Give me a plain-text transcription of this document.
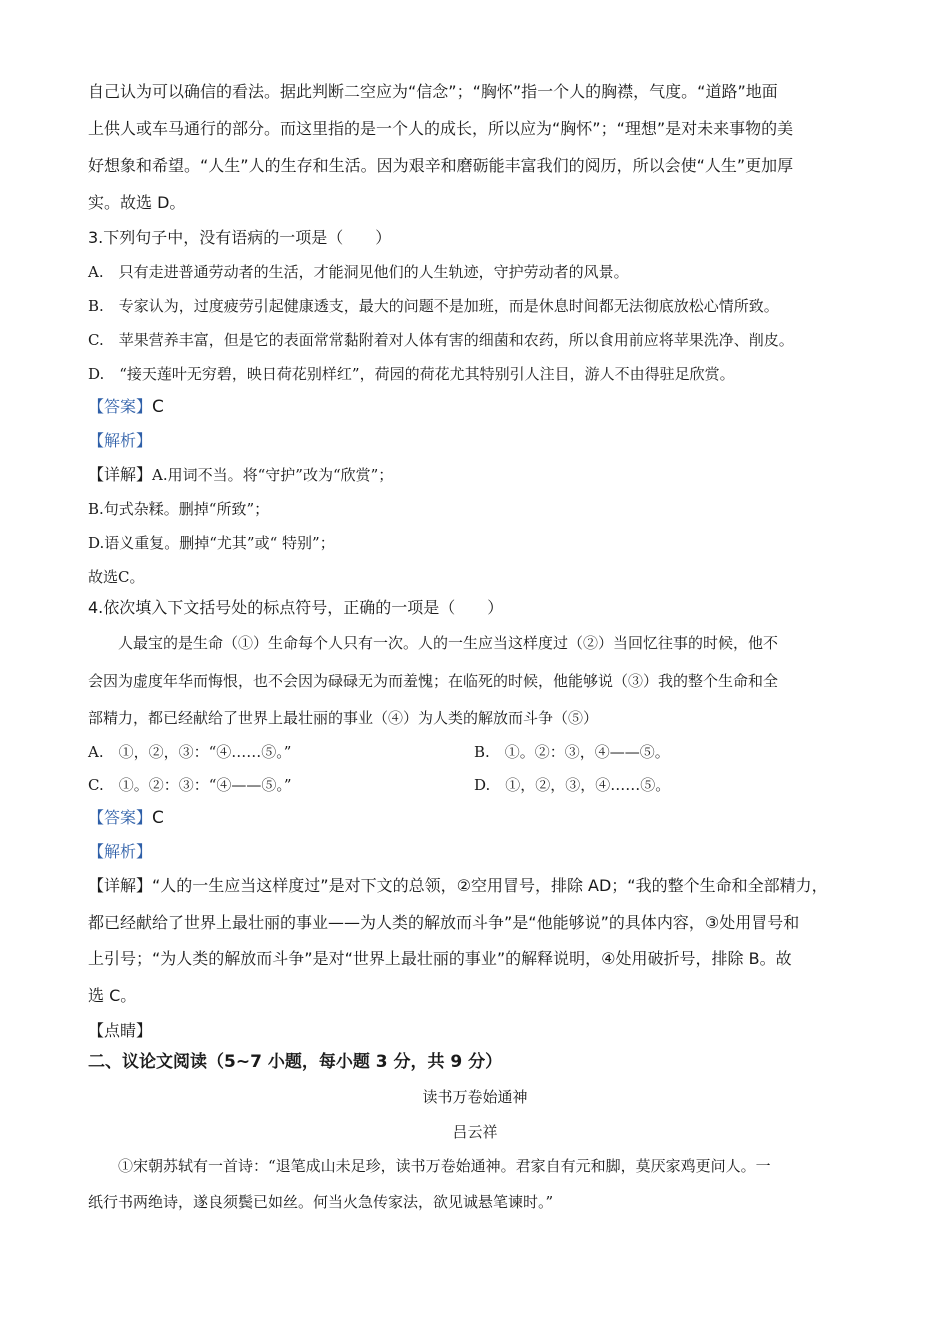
自己认为可以确信的看法。据此判断二空应为“信念”；“胸怀”指一个人的胸襟，气度。“道路”地面
上供人或车马通行的部分。而这里指的是一个人的成长，所以应为“胸怀”；“理想”是对未来事物的美
好想象和希望。“人生”人的生存和生活。因为艰辛和磨砺能丰富我们的阅历，所以会使“人生”更加厚
实。故选 D。
3.下列句子中，没有语病的一项是（　　）
A.　只有走进普通劳动者的生活，才能洞见他们的人生轨迹，守护劳动者的风景。
B.　专家认为，过度疲劳引起健康透支，最大的问题不是加班，而是休息时间都无法彻底放松心情所致。
C.　苹果营养丰富，但是它的表面常常黏附着对人体有害的细菌和农药，所以食用前应将苹果洗净、削皮。
D.　“接天莲叶无穷碧，映日荷花别样红”，荷园的荷花尤其特别引人注目，游人不由得驻足欣赏。
【答案】C
【解析】
【详解】A.用词不当。将“守护”改为“欣赏”；
B.句式杂糅。删掉“所致”；
D.语义重复。删掉“尤其”或“ 特别”；
故选C。
4.依次填入下文括号处的标点符号，正确的一项是（　　）
人最宝的是生命（①）生命每个人只有一次。人的一生应当这样度过（②）当回忆往事的时候，他不
会因为虚度年华而悔恨，也不会因为碌碌无为而羞愧；在临死的时候，他能够说（③）我的整个生命和全
部精力，都已经献给了世界上最壮丽的事业（④）为人类的解放而斗争（⑤）
A.　①，②，③：“④……⑤。”	B.　①。②：③，④——⑤。
C.　①。②：③：“④——⑤。”	D.　①，②，③，④……⑤。
【答案】C
【解析】
【详解】“人的一生应当这样度过”是对下文的总领，②空用冒号，排除 AD；“我的整个生命和全部精力，
都已经献给了世界上最壮丽的事业——为人类的解放而斗争”是“他能够说”的具体内容，③处用冒号和
上引号；“为人类的解放而斗争”是对“世界上最壮丽的事业”的解释说明，④处用破折号，排除 B。故
选 C。
【点睛】
二、议论文阅读（5~7 小题，每小题 3 分，共 9 分）
读书万卷始通神
吕云祥
①宋朝苏轼有一首诗：“退笔成山未足珍，读书万卷始通神。君家自有元和脚，莫厌家鸡更问人。一
纸行书两绝诗，遂良须鬓已如丝。何当火急传家法，欲见诚悬笔谏时。”
